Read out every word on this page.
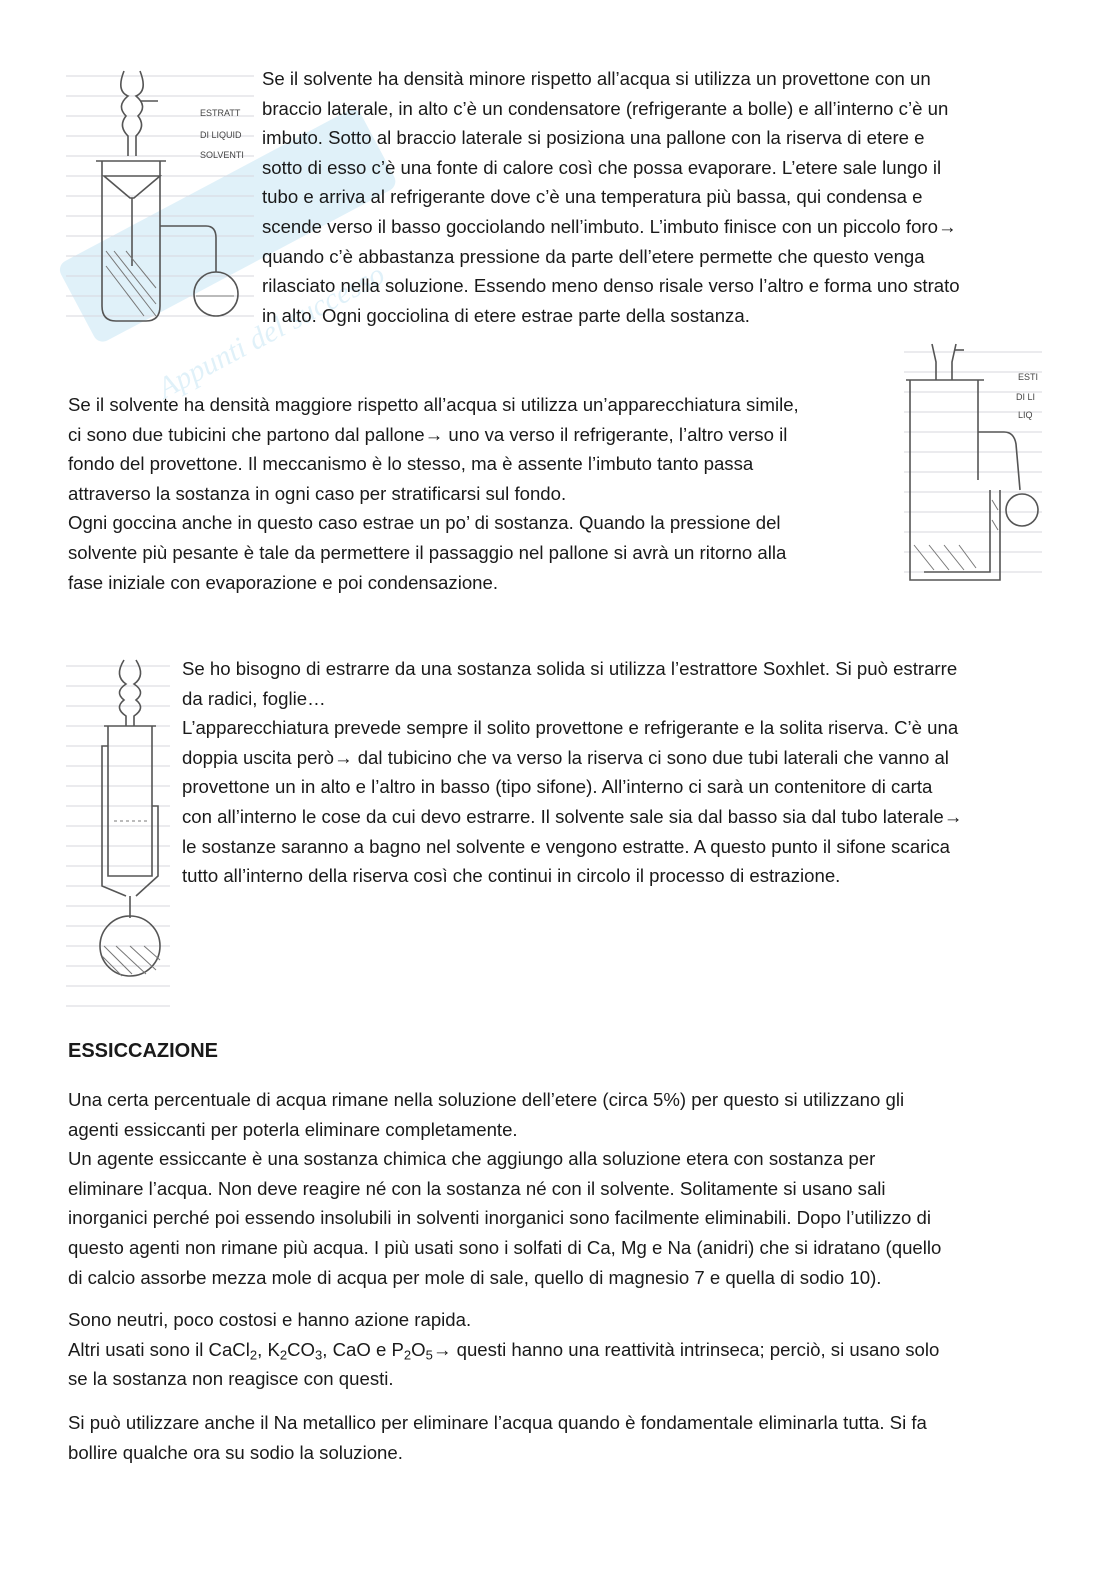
Appunti del successo
ESTRATT
DI LIQUID
SOLVENTI
Se il solvente ha densità minore rispetto all’acqua si utilizza un provettone con un
braccio laterale, in alto c’è un condensatore (refrigerante a bolle) e all’interno c’è un
imbuto. Sotto al braccio laterale si posiziona una pallone con la riserva di etere e
sotto di esso c’è una fonte di calore così che possa evaporare. L’etere sale lungo il
tubo e arriva al refrigerante dove c’è una temperatura più bassa, qui condensa e
scende verso il basso gocciolando nell’imbuto. L’imbuto finisce con un piccolo foro→
quando c’è abbastanza pressione da parte dell’etere permette che questo venga
rilasciato nella soluzione. Essendo meno denso risale verso l’altro e forma uno strato
in alto. Ogni gocciolina di etere estrae parte della sostanza.
ESTI
DI LI
LIQ
Se il solvente ha densità maggiore rispetto all’acqua si utilizza un’apparecchiatura simile,
ci sono due tubicini che partono dal pallone→ uno va verso il refrigerante, l’altro verso il
fondo del provettone. Il meccanismo è lo stesso, ma è assente l’imbuto tanto passa
attraverso la sostanza in ogni caso per stratificarsi sul fondo.
Ogni goccina anche in questo caso estrae un po’ di sostanza. Quando la pressione del
solvente più pesante è tale da permettere il passaggio nel pallone si avrà un ritorno alla
fase iniziale con evaporazione e poi condensazione.
Se ho bisogno di estrarre da una sostanza solida si utilizza l’estrattore Soxhlet. Si può estrarre
da radici, foglie…
L’apparecchiatura prevede sempre il solito provettone e refrigerante e la solita riserva. C’è una
doppia uscita però→ dal tubicino che va verso la riserva ci sono due tubi laterali che vanno al
provettone un in alto e l’altro in basso (tipo sifone). All’interno ci sarà un contenitore di carta
con all’interno le cose da cui devo estrarre. Il solvente sale sia dal basso sia dal tubo laterale→
le sostanze saranno a bagno nel solvente e vengono estratte. A questo punto il sifone scarica
tutto all’interno della riserva così che continui in circolo il processo di estrazione.
ESSICCAZIONE
Una certa percentuale di acqua rimane nella soluzione dell’etere (circa 5%) per questo si utilizzano gli
agenti essiccanti per poterla eliminare completamente.
Un agente essiccante è una sostanza chimica che aggiungo alla soluzione etera con sostanza per
eliminare l’acqua. Non deve reagire né con la sostanza né con il solvente. Solitamente si usano sali
inorganici perché poi essendo insolubili in solventi inorganici sono facilmente eliminabili. Dopo l’utilizzo di
questo agenti non rimane più acqua. I più usati sono i solfati di Ca, Mg e Na (anidri) che si idratano (quello
di calcio assorbe mezza mole di acqua per mole di sale, quello di magnesio 7 e quella di sodio 10).
Sono neutri, poco costosi e hanno azione rapida.
Altri usati sono il CaCl$_2$, $K_2CO_3$, CaO e $P_2O_5\to$ questi hanno una reattività intrinseca; perciò, si usano solo
se la sostanza non reagisce con questi.
Si può utilizzare anche il Na metallico per eliminare l’acqua quando è fondamentale eliminarla tutta. Si fa
bollire qualche ora su sodio la soluzione.
